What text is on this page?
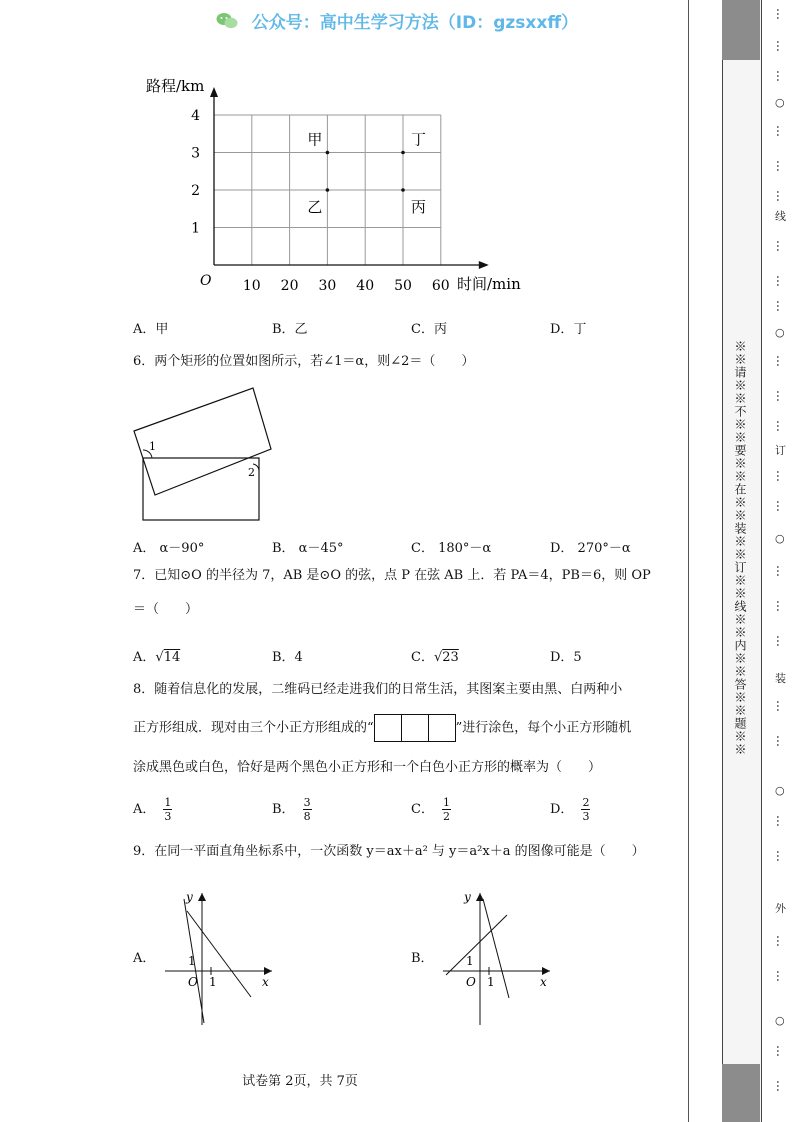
公众号：高中生学习方法（ID：gzsxxff）
10 20 30 40 50 60
1
2
3
4
甲
乙
丁
丙
路程/km
时间/min
O
A．甲	B．乙	C．丙	D．丁
6．两个矩形的位置如图所示，若∠1＝α，则∠2＝（　　）
1
2
A． α－90°	B． α－45°	C． 180°－α	D． 270°－α
7．已知⊙O 的半径为 7，AB 是⊙O 的弦，点 P 在弦 AB 上．若 PA＝4，PB＝6，则 OP
＝（　　）
A．√14	B．4	C．√23	D．5
8．随着信息化的发展，二维码已经走进我们的日常生活，其图案主要由黑、白两种小
正方形组成．现对由三个小正方形组成的“	”进行涂色，每个小正方形随机
涂成黑色或白色，恰好是两个黑色小正方形和一个白色小正方形的概率为（　　）
A． $\frac{1}{3}$	B． $\frac{3}{8}$	C． $\frac{1}{2}$	D． $\frac{2}{3}$
9．在同一平面直角坐标系中，一次函数 y＝ax＋a² 与 y＝a²x＋a 的图像可能是（　　）
A．
y
x
O 1
1	B．
y
x
O 1
1
试卷第 2页，共 7页
※※请※※不※※要※※在※※装※※订※※线※※内※※答※※题※※
…
…
…
○
…
…
…
线
…
…
…
○
…
…
…
订
…
…
○
…
…
…
装
…
…
○
…
…
外
…
…
○
…
…
